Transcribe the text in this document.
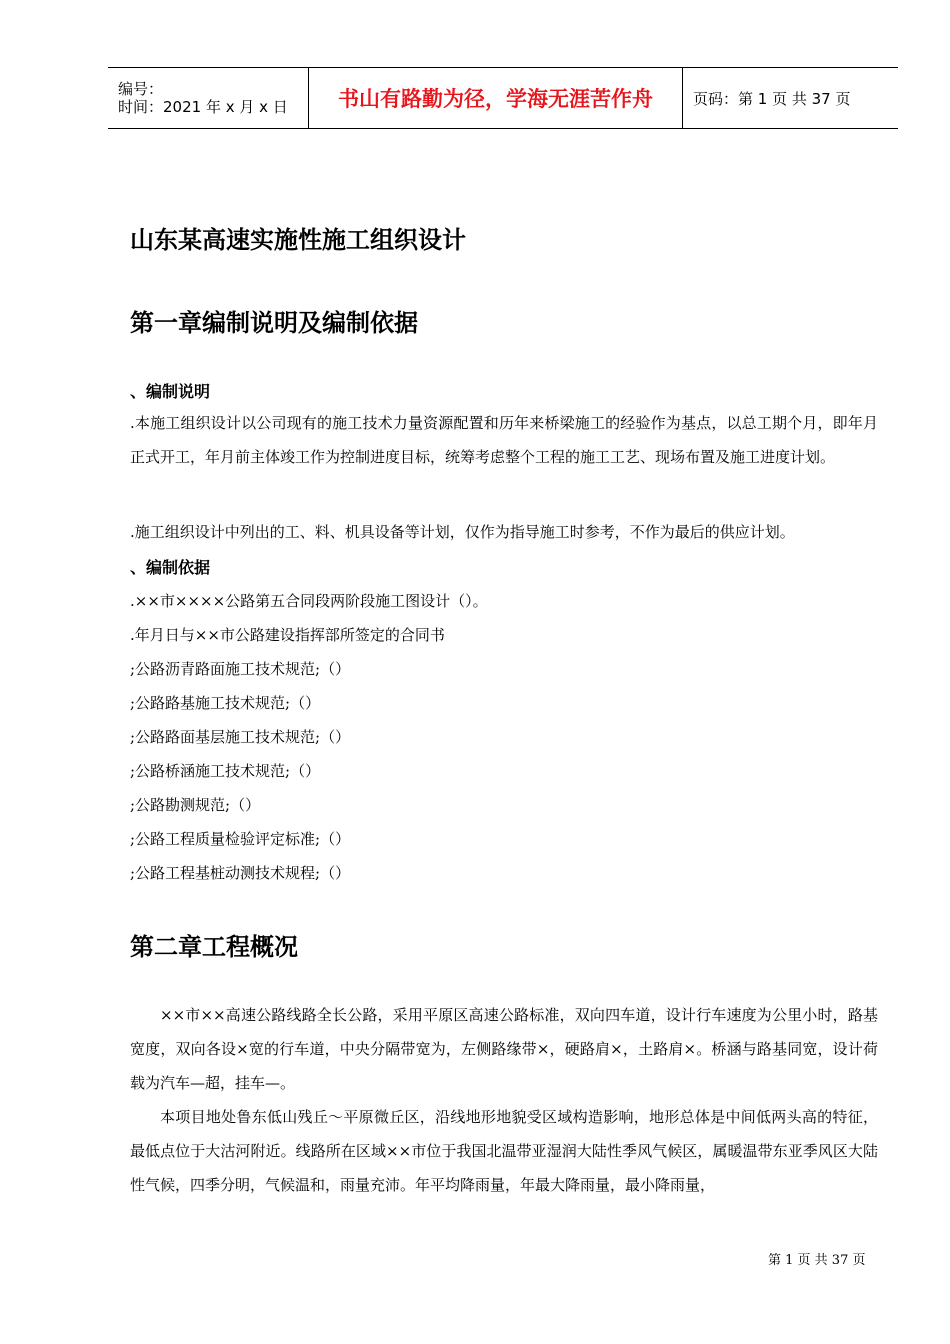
编号：
时间：2021 年 x 月 x 日	书山有路勤为径，学海无涯苦作舟	页码：第 1 页 共 37 页
山东某高速实施性施工组织设计
第一章编制说明及编制依据
、编制说明
.本施工组织设计以公司现有的施工技术力量资源配置和历年来桥梁施工的经验作为基点，以总工期个月，即年月正式开工，年月前主体竣工作为控制进度目标，统筹考虑整个工程的施工工艺、现场布置及施工进度计划。
.施工组织设计中列出的工、料、机具设备等计划，仅作为指导施工时参考，不作为最后的供应计划。
、编制依据
.××市××××公路第五合同段两阶段施工图设计（）。
.年月日与××市公路建设指挥部所签定的合同书
;公路沥青路面施工技术规范;（）
;公路路基施工技术规范;（）
;公路路面基层施工技术规范;（）
;公路桥涵施工技术规范;（）
;公路勘测规范;（）
;公路工程质量检验评定标准;（）
;公路工程基桩动测技术规程;（）
第二章工程概况
××市××高速公路线路全长公路，采用平原区高速公路标准，双向四车道，设计行车速度为公里小时，路基宽度，双向各设×宽的行车道，中央分隔带宽为，左侧路缘带×，硬路肩×，土路肩×。桥涵与路基同宽，设计荷载为汽车—超，挂车—。
本项目地处鲁东低山残丘～平原微丘区，沿线地形地貌受区域构造影响，地形总体是中间低两头高的特征，最低点位于大沽河附近。线路所在区域××市位于我国北温带亚湿润大陆性季风气候区，属暖温带东亚季风区大陆性气候，四季分明，气候温和，雨量充沛。年平均降雨量，年最大降雨量，最小降雨量，
第 1 页 共 37 页
